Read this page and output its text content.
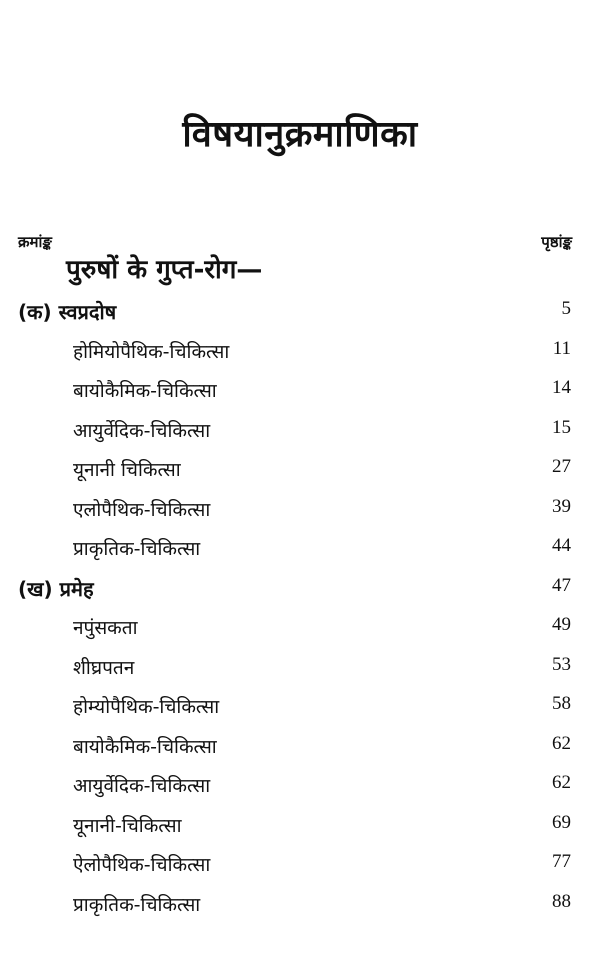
विषयानुक्रमाणिका
क्रमांङ्क	पृष्ठांङ्क
पुरुषों के गुप्त-रोग—
(क) स्वप्रदोष	5
होमियोपैथिक-चिकित्सा	11
बायोकैमिक-चिकित्सा	14
आयुर्वेदिक-चिकित्सा	15
यूनानी चिकित्सा	27
एलोपैथिक-चिकित्सा	39
प्राकृतिक-चिकित्सा	44
(ख) प्रमेह	47
नपुंसकता	49
शीघ्रपतन	53
होम्योपैथिक-चिकित्सा	58
बायोकैमिक-चिकित्सा	62
आयुर्वेदिक-चिकित्सा	62
यूनानी-चिकित्सा	69
ऐलोपैथिक-चिकित्सा	77
प्राकृतिक-चिकित्सा	88
